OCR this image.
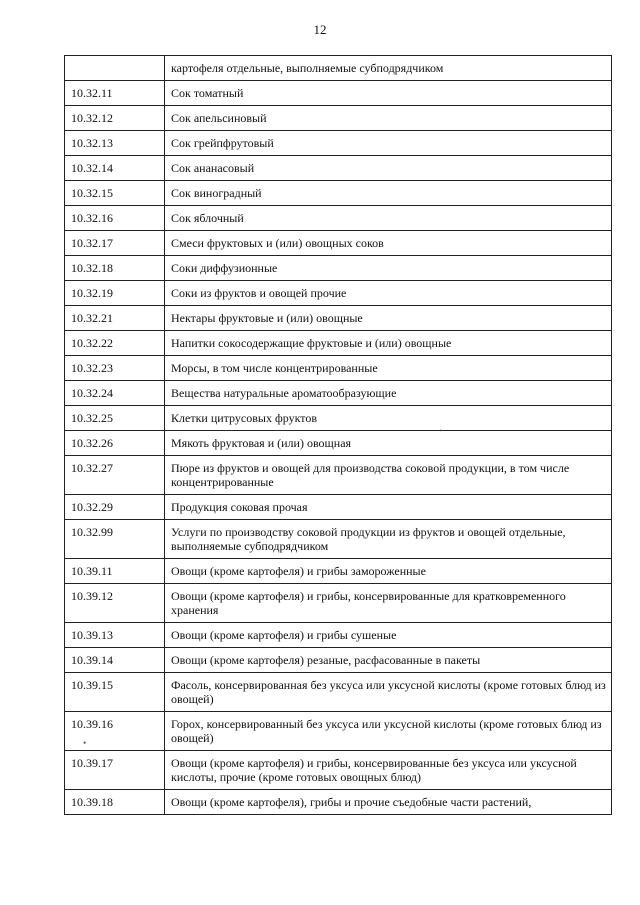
12
	картофеля отдельные, выполняемые субподрядчиком
10.32.11	Сок томатный
10.32.12	Сок апельсиновый
10.32.13	Сок грейпфрутовый
10.32.14	Сок ананасовый
10.32.15	Сок виноградный
10.32.16	Сок яблочный
10.32.17	Смеси фруктовых и (или) овощных соков
10.32.18	Соки диффузионные
10.32.19	Соки из фруктов и овощей прочие
10.32.21	Нектары фруктовые и (или) овощные
10.32.22	Напитки сокосодержащие фруктовые и (или) овощные
10.32.23	Морсы, в том числе концентрированные
10.32.24	Вещества натуральные ароматообразующие
10.32.25	Клетки цитрусовых фруктов
10.32.26	Мякоть фруктовая и (или) овощная
10.32.27	Пюре из фруктов и овощей для производства соковой продукции, в том числе концентрированные
10.32.29	Продукция соковая прочая
10.32.99	Услуги по производству соковой продукции из фруктов и овощей отдельные, выполняемые субподрядчиком
10.39.11	Овощи (кроме картофеля) и грибы замороженные
10.39.12	Овощи (кроме картофеля) и грибы, консервированные для кратковременного хранения
10.39.13	Овощи (кроме картофеля) и грибы сушеные
10.39.14	Овощи (кроме картофеля) резаные, расфасованные в пакеты
10.39.15	Фасоль, консервированная без уксуса или уксусной кислоты (кроме готовых блюд из овощей)
10.39.16	Горох, консервированный без уксуса или уксусной кислоты (кроме готовых блюд из овощей)
10.39.17	Овощи (кроме картофеля) и грибы, консервированные без уксуса или уксусной кислоты, прочие (кроме готовых овощных блюд)
10.39.18	Овощи (кроме картофеля), грибы и прочие съедобные части растений,
'
•
